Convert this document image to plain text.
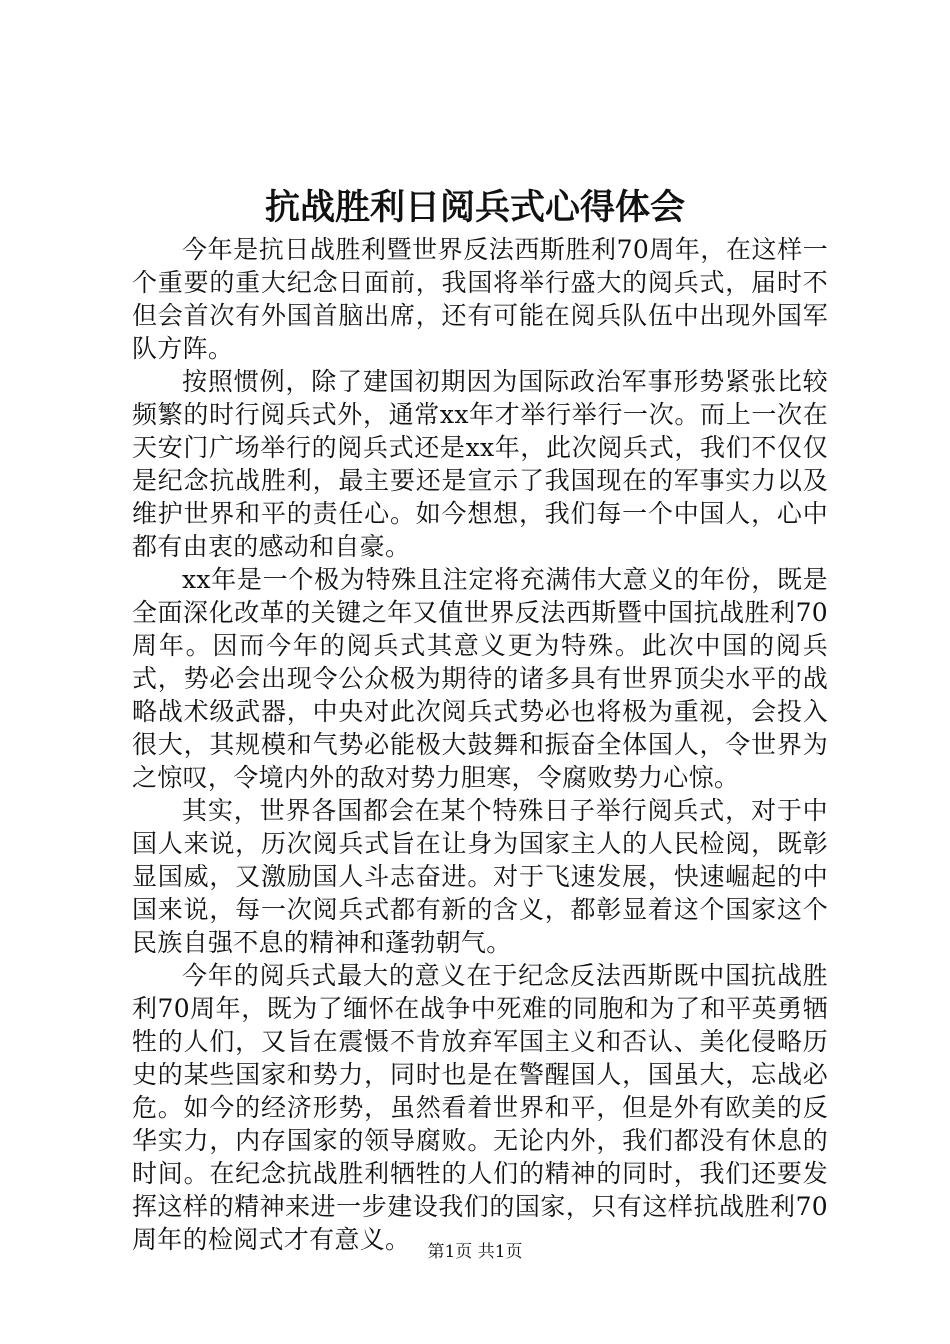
抗战胜利日阅兵式心得体会

今年是抗日战胜利暨世界反法西斯胜利70周年，在这样一个重要的重大纪念日面前，我国将举行盛大的阅兵式，届时不但会首次有外国首脑出席，还有可能在阅兵队伍中出现外国军队方阵。

按照惯例，除了建国初期因为国际政治军事形势紧张比较频繁的时行阅兵式外，通常xx年才举行举行一次。而上一次在天安门广场举行的阅兵式还是xx年，此次阅兵式，我们不仅仅是纪念抗战胜利，最主要还是宣示了我国现在的军事实力以及维护世界和平的责任心。如今想想，我们每一个中国人，心中都有由衷的感动和自豪。

xx年是一个极为特殊且注定将充满伟大意义的年份，既是全面深化改革的关键之年又值世界反法西斯暨中国抗战胜利70周年。因而今年的阅兵式其意义更为特殊。此次中国的阅兵式，势必会出现令公众极为期待的诸多具有世界顶尖水平的战略战术级武器，中央对此次阅兵式势必也将极为重视，会投入很大，其规模和气势必能极大鼓舞和振奋全体国人，令世界为之惊叹，令境内外的敌对势力胆寒，令腐败势力心惊。

其实，世界各国都会在某个特殊日子举行阅兵式，对于中国人来说，历次阅兵式旨在让身为国家主人的人民检阅，既彰显国威，又激励国人斗志奋进。对于飞速发展，快速崛起的中国来说，每一次阅兵式都有新的含义，都彰显着这个国家这个民族自强不息的精神和蓬勃朝气。

今年的阅兵式最大的意义在于纪念反法西斯既中国抗战胜利70周年，既为了缅怀在战争中死难的同胞和为了和平英勇牺牲的人们，又旨在震慑不肯放弃军国主义和否认、美化侵略历史的某些国家和势力，同时也是在警醒国人，国虽大，忘战必危。如今的经济形势，虽然看着世界和平，但是外有欧美的反华实力，内存国家的领导腐败。无论内外，我们都没有休息的时间。在纪念抗战胜利牺牲的人们的精神的同时，我们还要发挥这样的精神来进一步建设我们的国家，只有这样抗战胜利70周年的检阅式才有意义。	第1页 共1页
